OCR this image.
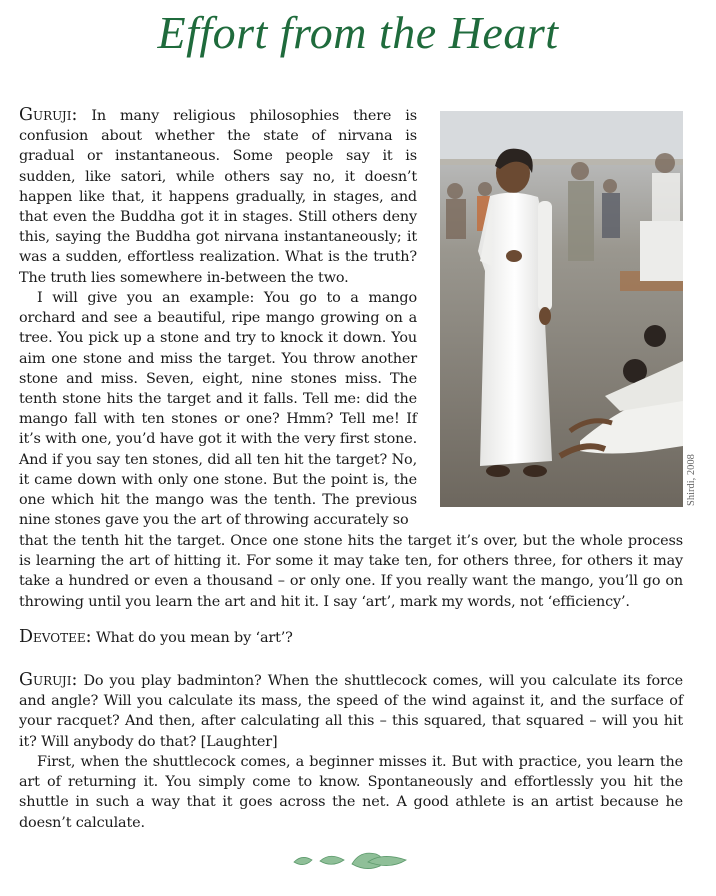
Effort from the Heart
Shirdi, 2008

Guruji: In many religious philosophies there is confusion about whether the state of nirvana is gradual or instantaneous. Some people say it is sudden, like satori, while others say no, it doesn’t happen like that, it happens gradually, in stages, and that even the Buddha got it in stages. Still others deny this, saying the Buddha got nirvana instantaneously; it was a sudden, effortless realization. What is the truth? The truth lies somewhere in-between the two.

I will give you an example: You go to a mango orchard and see a beautiful, ripe mango growing on a tree. You pick up a stone and try to knock it down. You aim one stone and miss the target. You throw another stone and miss. Seven, eight, nine stones miss. The tenth stone hits the target and it falls. Tell me: did the mango fall with ten stones or one? Hmm? Tell me! If it’s with one, you’d have got it with the very first stone. And if you say ten stones, did all ten hit the target? No, it came down with only one stone. But the point is, the one which hit the mango was the tenth. The previous nine stones gave you the art of throwing accurately so

that the tenth hit the target. Once one stone hits the target it’s over, but the whole process is learning the art of hitting it. For some it may take ten, for others three, for others it may take a hundred or even a thousand – or only one. If you really want the mango, you’ll go on throwing until you learn the art and hit it. I say ‘art’, mark my words, not ‘efficiency’.

Devotee: What do you mean by ‘art’?

Guruji: Do you play badminton? When the shuttlecock comes, will you calculate its force and angle? Will you calculate its mass, the speed of the wind against it, and the surface of your racquet? And then, after calculating all this – this squared, that squared – will you hit it? Will anybody do that? [Laughter]

First, when the shuttlecock comes, a beginner misses it. But with practice, you learn the art of returning it. You simply come to know. Spontaneously and effortlessly you hit the shuttle in such a way that it goes across the net. A good athlete is an artist because he doesn’t calculate.
